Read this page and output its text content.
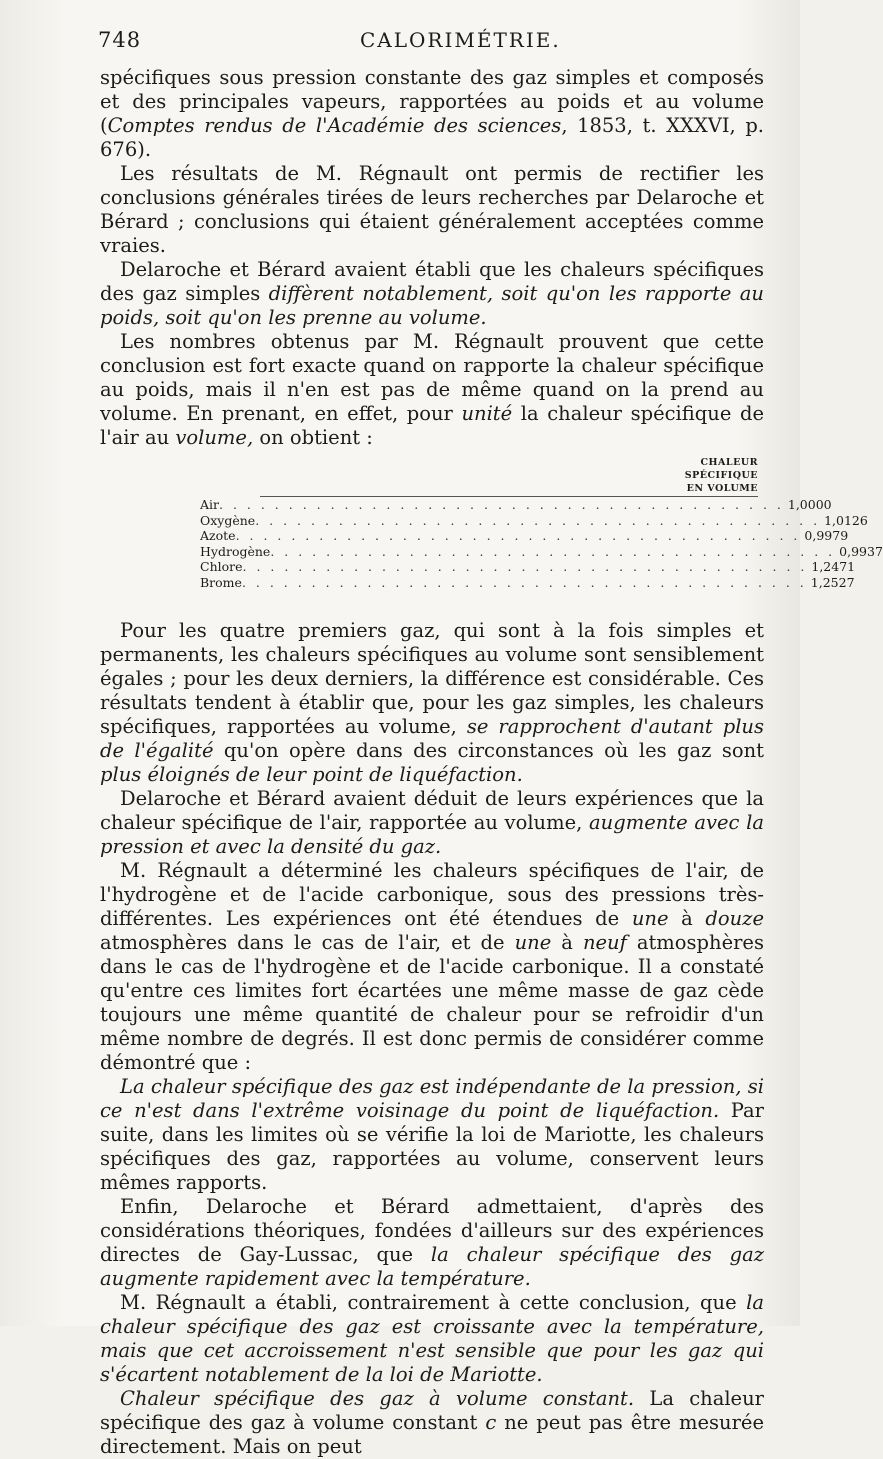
748	CALORIMÉTRIE.

spécifiques sous pression constante des gaz simples et composés et des principales vapeurs, rapportées au poids et au volume (Comptes rendus de l'Académie des sciences, 1853, t. XXXVI, p. 676).

Les résultats de M. Régnault ont permis de rectifier les conclusions générales tirées de leurs recherches par Delaroche et Bérard ; conclusions qui étaient généralement acceptées comme vraies.

Delaroche et Bérard avaient établi que les chaleurs spécifiques des gaz simples diffèrent notablement, soit qu'on les rapporte au poids, soit qu'on les prenne au volume.

Les nombres obtenus par M. Régnault prouvent que cette conclusion est fort exacte quand on rapporte la chaleur spécifique au poids, mais il n'en est pas de même quand on la prend au volume. En prenant, en effet, pour unité la chaleur spécifique de l'air au volume, on obtient :

CHALEUR
SPÉCIFIQUE
EN VOLUME
Air . . . . . . . . . . . . . . . . . . . . . . . . . . . . . . . . . . . . . . . . . 1,0000
Oxygène . . . . . . . . . . . . . . . . . . . . . . . . . . . . . . . . . . . . . . . . . 1,0126
Azote . . . . . . . . . . . . . . . . . . . . . . . . . . . . . . . . . . . . . . . . . 0,9979
Hydrogène . . . . . . . . . . . . . . . . . . . . . . . . . . . . . . . . . . . . . . . . . 0,9937
Chlore . . . . . . . . . . . . . . . . . . . . . . . . . . . . . . . . . . . . . . . . . 1,2471
Brome . . . . . . . . . . . . . . . . . . . . . . . . . . . . . . . . . . . . . . . . . 1,2527

Pour les quatre premiers gaz, qui sont à la fois simples et permanents, les chaleurs spécifiques au volume sont sensiblement égales ; pour les deux derniers, la différence est considérable. Ces résultats tendent à établir que, pour les gaz simples, les chaleurs spécifiques, rapportées au volume, se rapprochent d'autant plus de l'égalité qu'on opère dans des circonstances où les gaz sont plus éloignés de leur point de liquéfaction.

Delaroche et Bérard avaient déduit de leurs expériences que la chaleur spécifique de l'air, rapportée au volume, augmente avec la pression et avec la densité du gaz.

M. Régnault a déterminé les chaleurs spécifiques de l'air, de l'hydrogène et de l'acide carbonique, sous des pressions très-différentes. Les expériences ont été étendues de une à douze atmosphères dans le cas de l'air, et de une à neuf atmosphères dans le cas de l'hydrogène et de l'acide carbonique. Il a constaté qu'entre ces limites fort écartées une même masse de gaz cède toujours une même quantité de chaleur pour se refroidir d'un même nombre de degrés. Il est donc permis de considérer comme démontré que :

La chaleur spécifique des gaz est indépendante de la pression, si ce n'est dans l'extrême voisinage du point de liquéfaction. Par suite, dans les limites où se vérifie la loi de Mariotte, les chaleurs spécifiques des gaz, rapportées au volume, conservent leurs mêmes rapports.

Enfin, Delaroche et Bérard admettaient, d'après des considérations théoriques, fondées d'ailleurs sur des expériences directes de Gay-Lussac, que la chaleur spécifique des gaz augmente rapidement avec la température.

M. Régnault a établi, contrairement à cette conclusion, que la chaleur spécifique des gaz est croissante avec la température, mais que cet accroissement n'est sensible que pour les gaz qui s'écartent notablement de la loi de Mariotte.

Chaleur spécifique des gaz à volume constant. La chaleur spécifique des gaz à volume constant c ne peut pas être mesurée directement. Mais on peut
